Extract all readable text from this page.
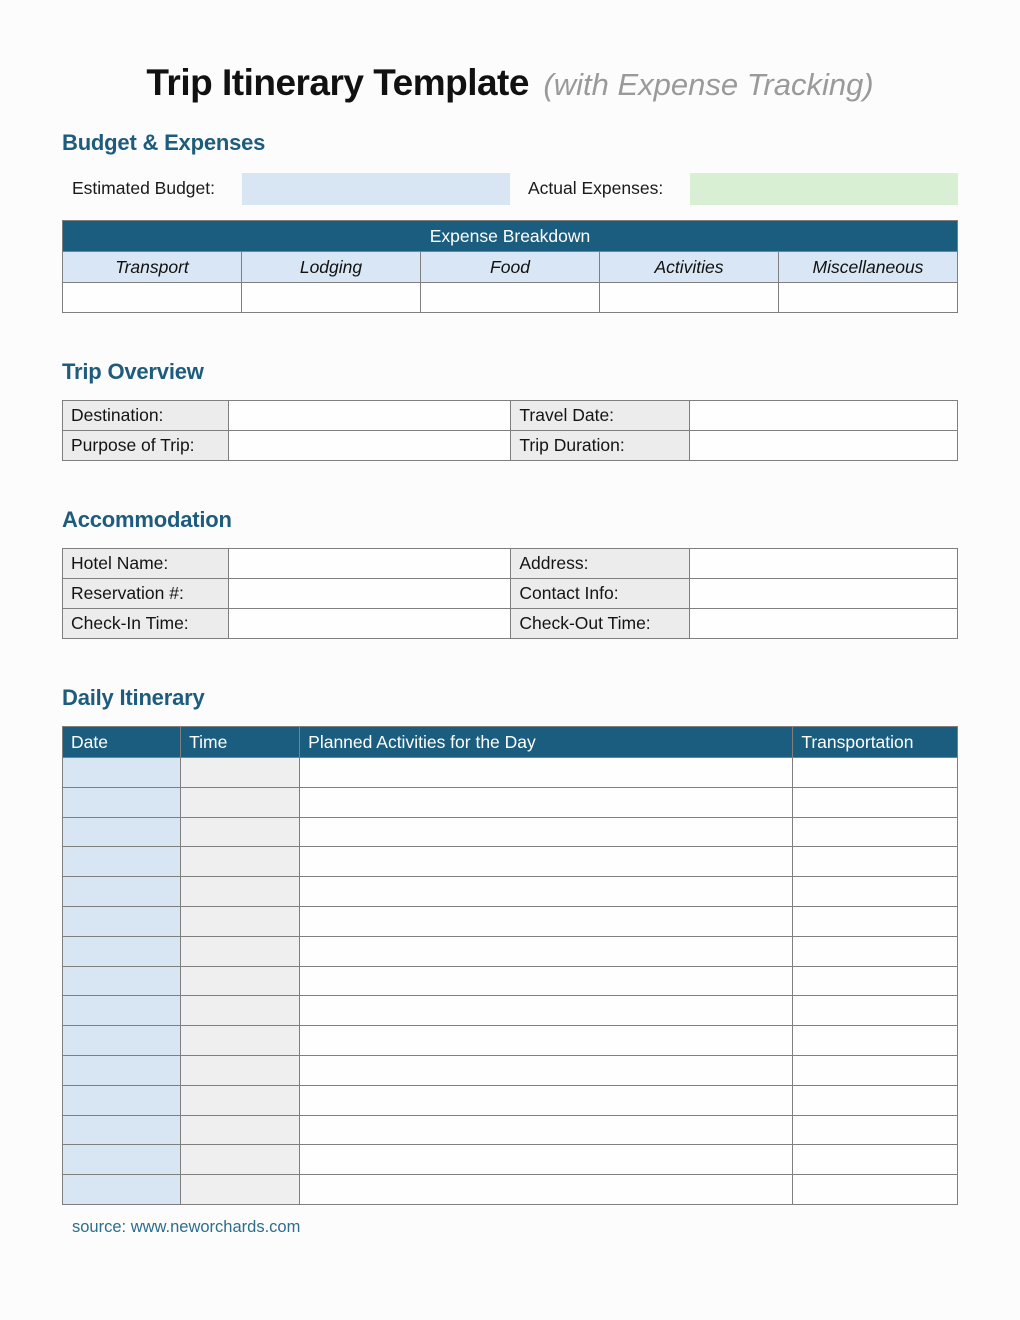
Trip Itinerary Template (with Expense Tracking)
Budget & Expenses
Estimated Budget:	Actual Expenses:
Expense Breakdown				
Transport	Lodging	Food	Activities	Miscellaneous

Trip Overview
Destination:		Travel Date:	
Purpose of Trip:		Trip Duration:	
Accommodation
Hotel Name:		Address:	
Reservation #:		Contact Info:	
Check-In Time:		Check-Out Time:	
Daily Itinerary
Date	Time	Planned Activities for the Day	Transportation

source: www.neworchards.com
